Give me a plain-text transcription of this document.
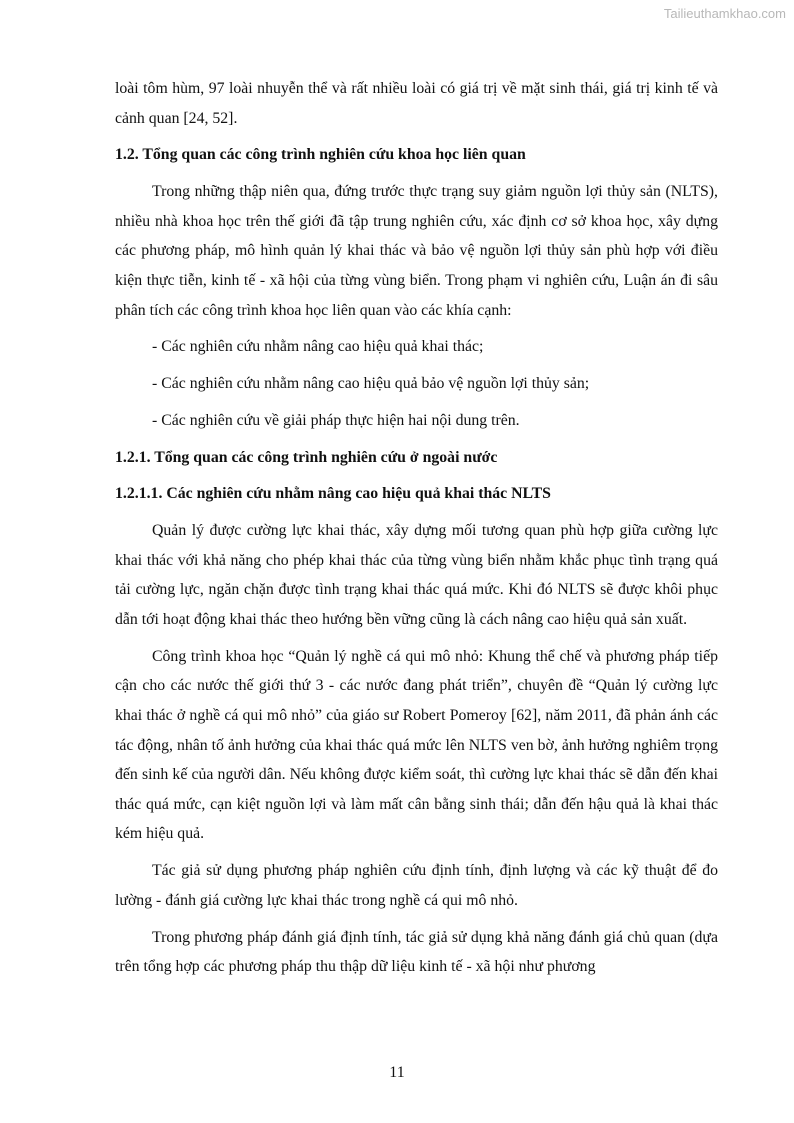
Tailieuthamkhao.com

loài tôm hùm, 97 loài nhuyễn thể và rất nhiều loài có giá trị về mặt sinh thái, giá trị kinh tế và cảnh quan [24, 52].

1.2. Tổng quan các công trình nghiên cứu khoa học liên quan

Trong những thập niên qua, đứng trước thực trạng suy giảm nguồn lợi thủy sản (NLTS), nhiều nhà khoa học trên thế giới đã tập trung nghiên cứu, xác định cơ sở khoa học, xây dựng các phương pháp, mô hình quản lý khai thác và bảo vệ nguồn lợi thủy sản phù hợp với điều kiện thực tiễn, kinh tế - xã hội của từng vùng biển. Trong phạm vi nghiên cứu, Luận án đi sâu phân tích các công trình khoa học liên quan vào các khía cạnh:

- Các nghiên cứu nhằm nâng cao hiệu quả khai thác;
- Các nghiên cứu nhằm nâng cao hiệu quả bảo vệ nguồn lợi thủy sản;
- Các nghiên cứu về giải pháp thực hiện hai nội dung trên.
1.2.1. Tổng quan các công trình nghiên cứu ở ngoài nước
1.2.1.1. Các nghiên cứu nhằm nâng cao hiệu quả khai thác NLTS

Quản lý được cường lực khai thác, xây dựng mối tương quan phù hợp giữa cường lực khai thác với khả năng cho phép khai thác của từng vùng biển nhằm khắc phục tình trạng quá tải cường lực, ngăn chặn được tình trạng khai thác quá mức. Khi đó NLTS sẽ được khôi phục dẫn tới hoạt động khai thác theo hướng bền vững cũng là cách nâng cao hiệu quả sản xuất.

Công trình khoa học “Quản lý nghề cá qui mô nhỏ: Khung thể chế và phương pháp tiếp cận cho các nước thế giới thứ 3 - các nước đang phát triển”, chuyên đề “Quản lý cường lực khai thác ở nghề cá qui mô nhỏ” của giáo sư Robert Pomeroy [62], năm 2011, đã phản ánh các tác động, nhân tố ảnh hưởng của khai thác quá mức lên NLTS ven bờ, ảnh hưởng nghiêm trọng đến sinh kế của người dân. Nếu không được kiểm soát, thì cường lực khai thác sẽ dẫn đến khai thác quá mức, cạn kiệt nguồn lợi và làm mất cân bằng sinh thái; dẫn đến hậu quả là khai thác kém hiệu quả.

Tác giả sử dụng phương pháp nghiên cứu định tính, định lượng và các kỹ thuật để đo lường - đánh giá cường lực khai thác trong nghề cá qui mô nhỏ.

Trong phương pháp đánh giá định tính, tác giả sử dụng khả năng đánh giá chủ quan (dựa trên tổng hợp các phương pháp thu thập dữ liệu kinh tế - xã hội như phương

11
